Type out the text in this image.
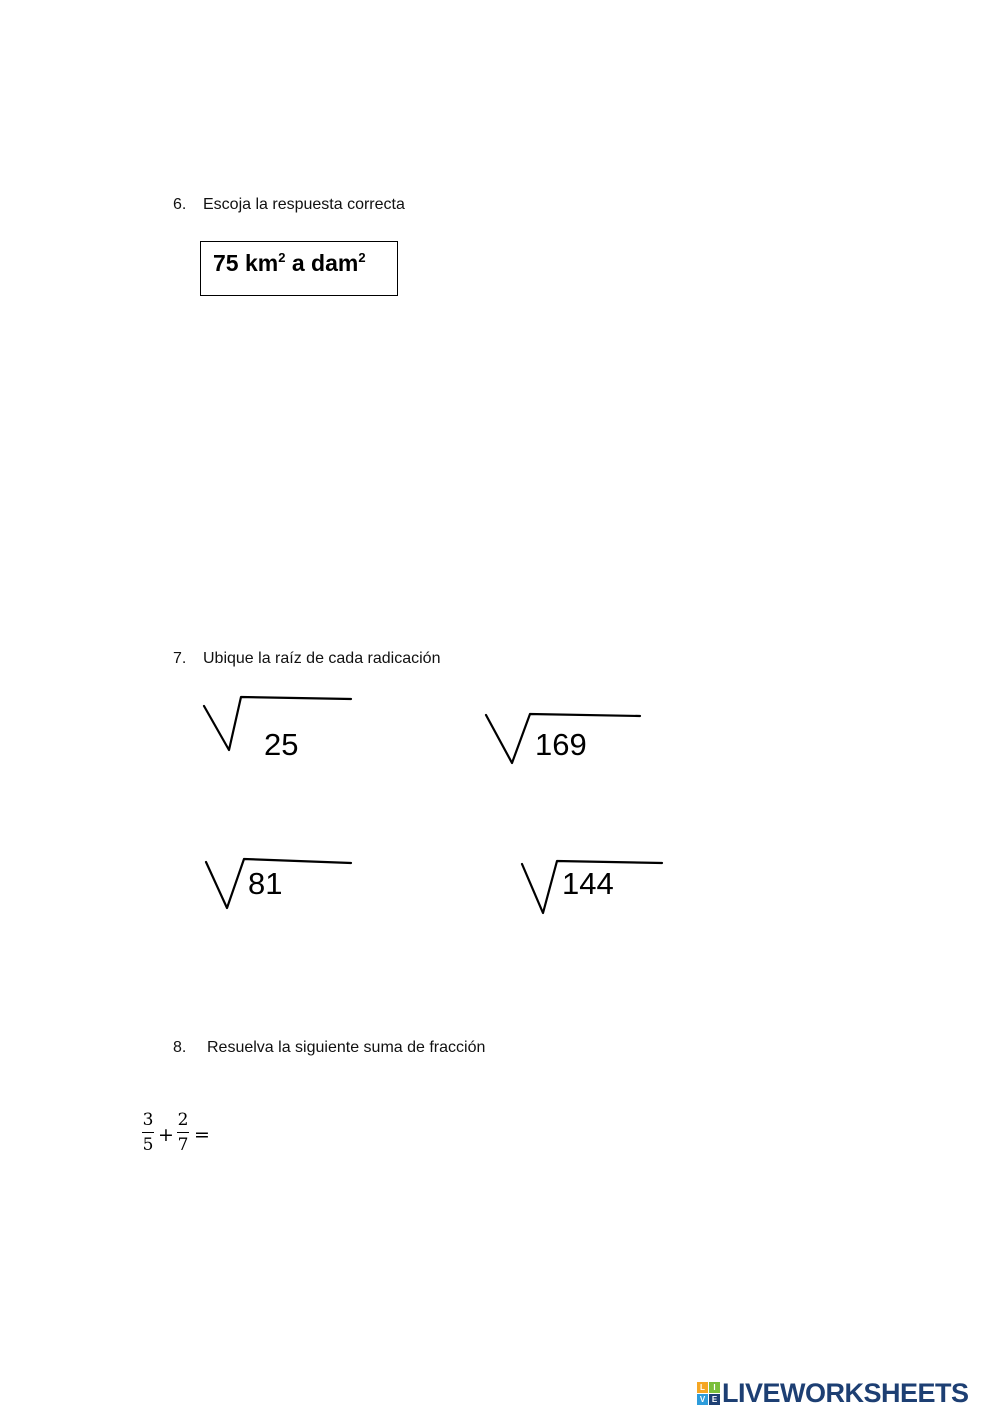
6. Escoja la respuesta correcta
75 $km^2$ a dam$^2$
7. Ubique la raíz de cada radicación
25	169
81	144
8. Resuelva la siguiente suma de fracción
3
5 +
2
7 =
L	I
V E LIVEWORKSHEETS
